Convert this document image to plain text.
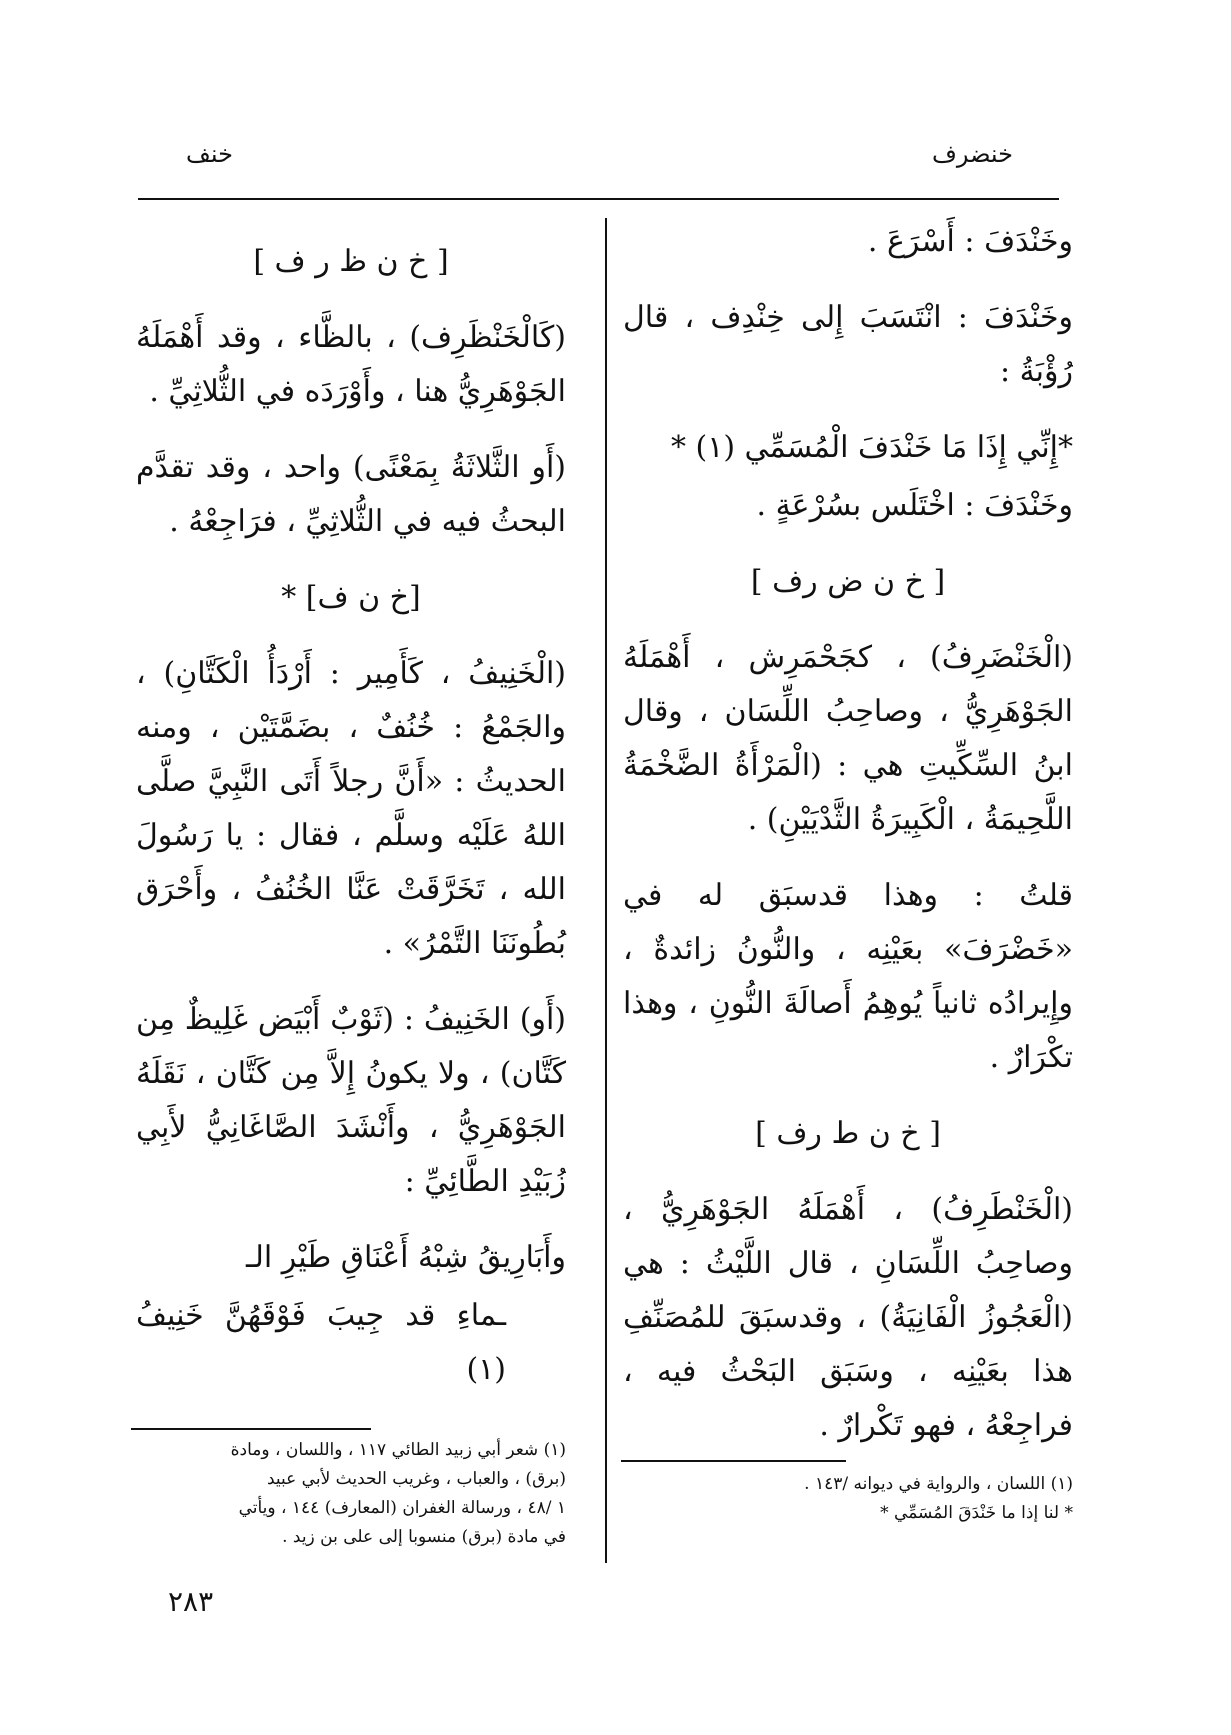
خنضرف
خنف

وخَنْدَفَ : أَسْرَعَ .

وخَنْدَفَ : انْتَسَبَ إِلى خِنْدِف ، قال رُؤْبَةُ :

*إِنِّي إِذَا مَا خَنْدَفَ الْمُسَمِّي (١) *

وخَنْدَفَ : اخْتَلَس بسُرْعَةٍ .

[ خ ن ض رف ]

(الْخَنْضَرِفُ) ، كجَحْمَرِش ، أَهْمَلَهُ الجَوْهَرِيُّ ، وصاحِبُ اللِّسَان ، وقال ابنُ السِّكِّيتِ هي : (الْمَرْأَةُ الضَّخْمَةُ اللَّحِيمَةُ ، الْكَبِيرَةُ الثَّدْيَيْنِ) .

قلتُ : وهذا قدسبَق له في «خَضْرَفَ» بعَيْنِه ، والنُّونُ زائدةٌ ، وإِيرادُه ثانياً يُوهِمُ أَصالَةَ النُّونِ ، وهذا تكْرَارٌ .

[ خ ن ط رف ]

(الْخَنْطَرِفُ) ، أَهْمَلَهُ الجَوْهَرِيُّ ، وصاحِبُ اللِّسَانِ ، قال اللَّيْثُ : هي (الْعَجُوزُ الْفَانِيَةُ) ، وقدسبَقَ للمُصَنِّفِ هذا بعَيْنِه ، وسَبَق البَحْثُ فيه ، فراجِعْهُ ، فهو تَكْرارٌ .

[ خ ن ظ ر ف ]

(كَالْخَنْظَرِف) ، بالظَّاء ، وقد أَهْمَلَهُ الجَوْهَرِيُّ هنا ، وأَوْرَدَه في الثُّلاثِيِّ .

(أَو الثَّلاثَةُ بِمَعْنًى) واحد ، وقد تقدَّم البحثُ فيه في الثُّلاثِيِّ ، فرَاجِعْهُ .

[خ ن ف] *

(الْخَنِيفُ ، كَأَمِير : أَرْدَأُ الْكَتَّانِ) ، والجَمْعُ : خُنُفٌ ، بضَمَّتَيْن ، ومنه الحديثُ : «أَنَّ رجلاً أَتَى النَّبِيَّ صلَّى اللهُ عَلَيْه وسلَّم ، فقال : يا رَسُولَ الله ، تَخَرَّقَتْ عَنَّا الخُنُفُ ، وأَحْرَق بُطُونَنَا التَّمْرُ» .

(أَو) الخَنِيفُ : (ثَوْبٌ أَبْيَض غَلِيظٌ مِن كَتَّان) ، ولا يكونُ إِلاَّ مِن كَتَّان ، نَقَلَهُ الجَوْهَرِيُّ ، وأَنْشَدَ الصَّاغَانِيُّ لأَبِي زُبَيْدِ الطَّائِيِّ :

وأَبَارِيقُ شِبْهُ أَعْنَاقِ طَيْرِ الـ

ـماءِ قد جِيبَ فَوْقَهُنَّ خَنِيفُ (١)

(١) شعر أبي زبيد الطائي ١١٧ ، واللسان ، ومادة
(برق) ، والعباب ، وغريب الحديث لأبي عبيد
١ /٤٨ ، ورسالة الغفران (المعارف) ١٤٤ ، ويأتي
في مادة (برق) منسوبا إلى على بن زيد .
(١) اللسان ، والرواية في ديوانه /١٤٣ .
* لنا إذا ما خَنْدَقَ المُسَمِّي *
٢٨٣
